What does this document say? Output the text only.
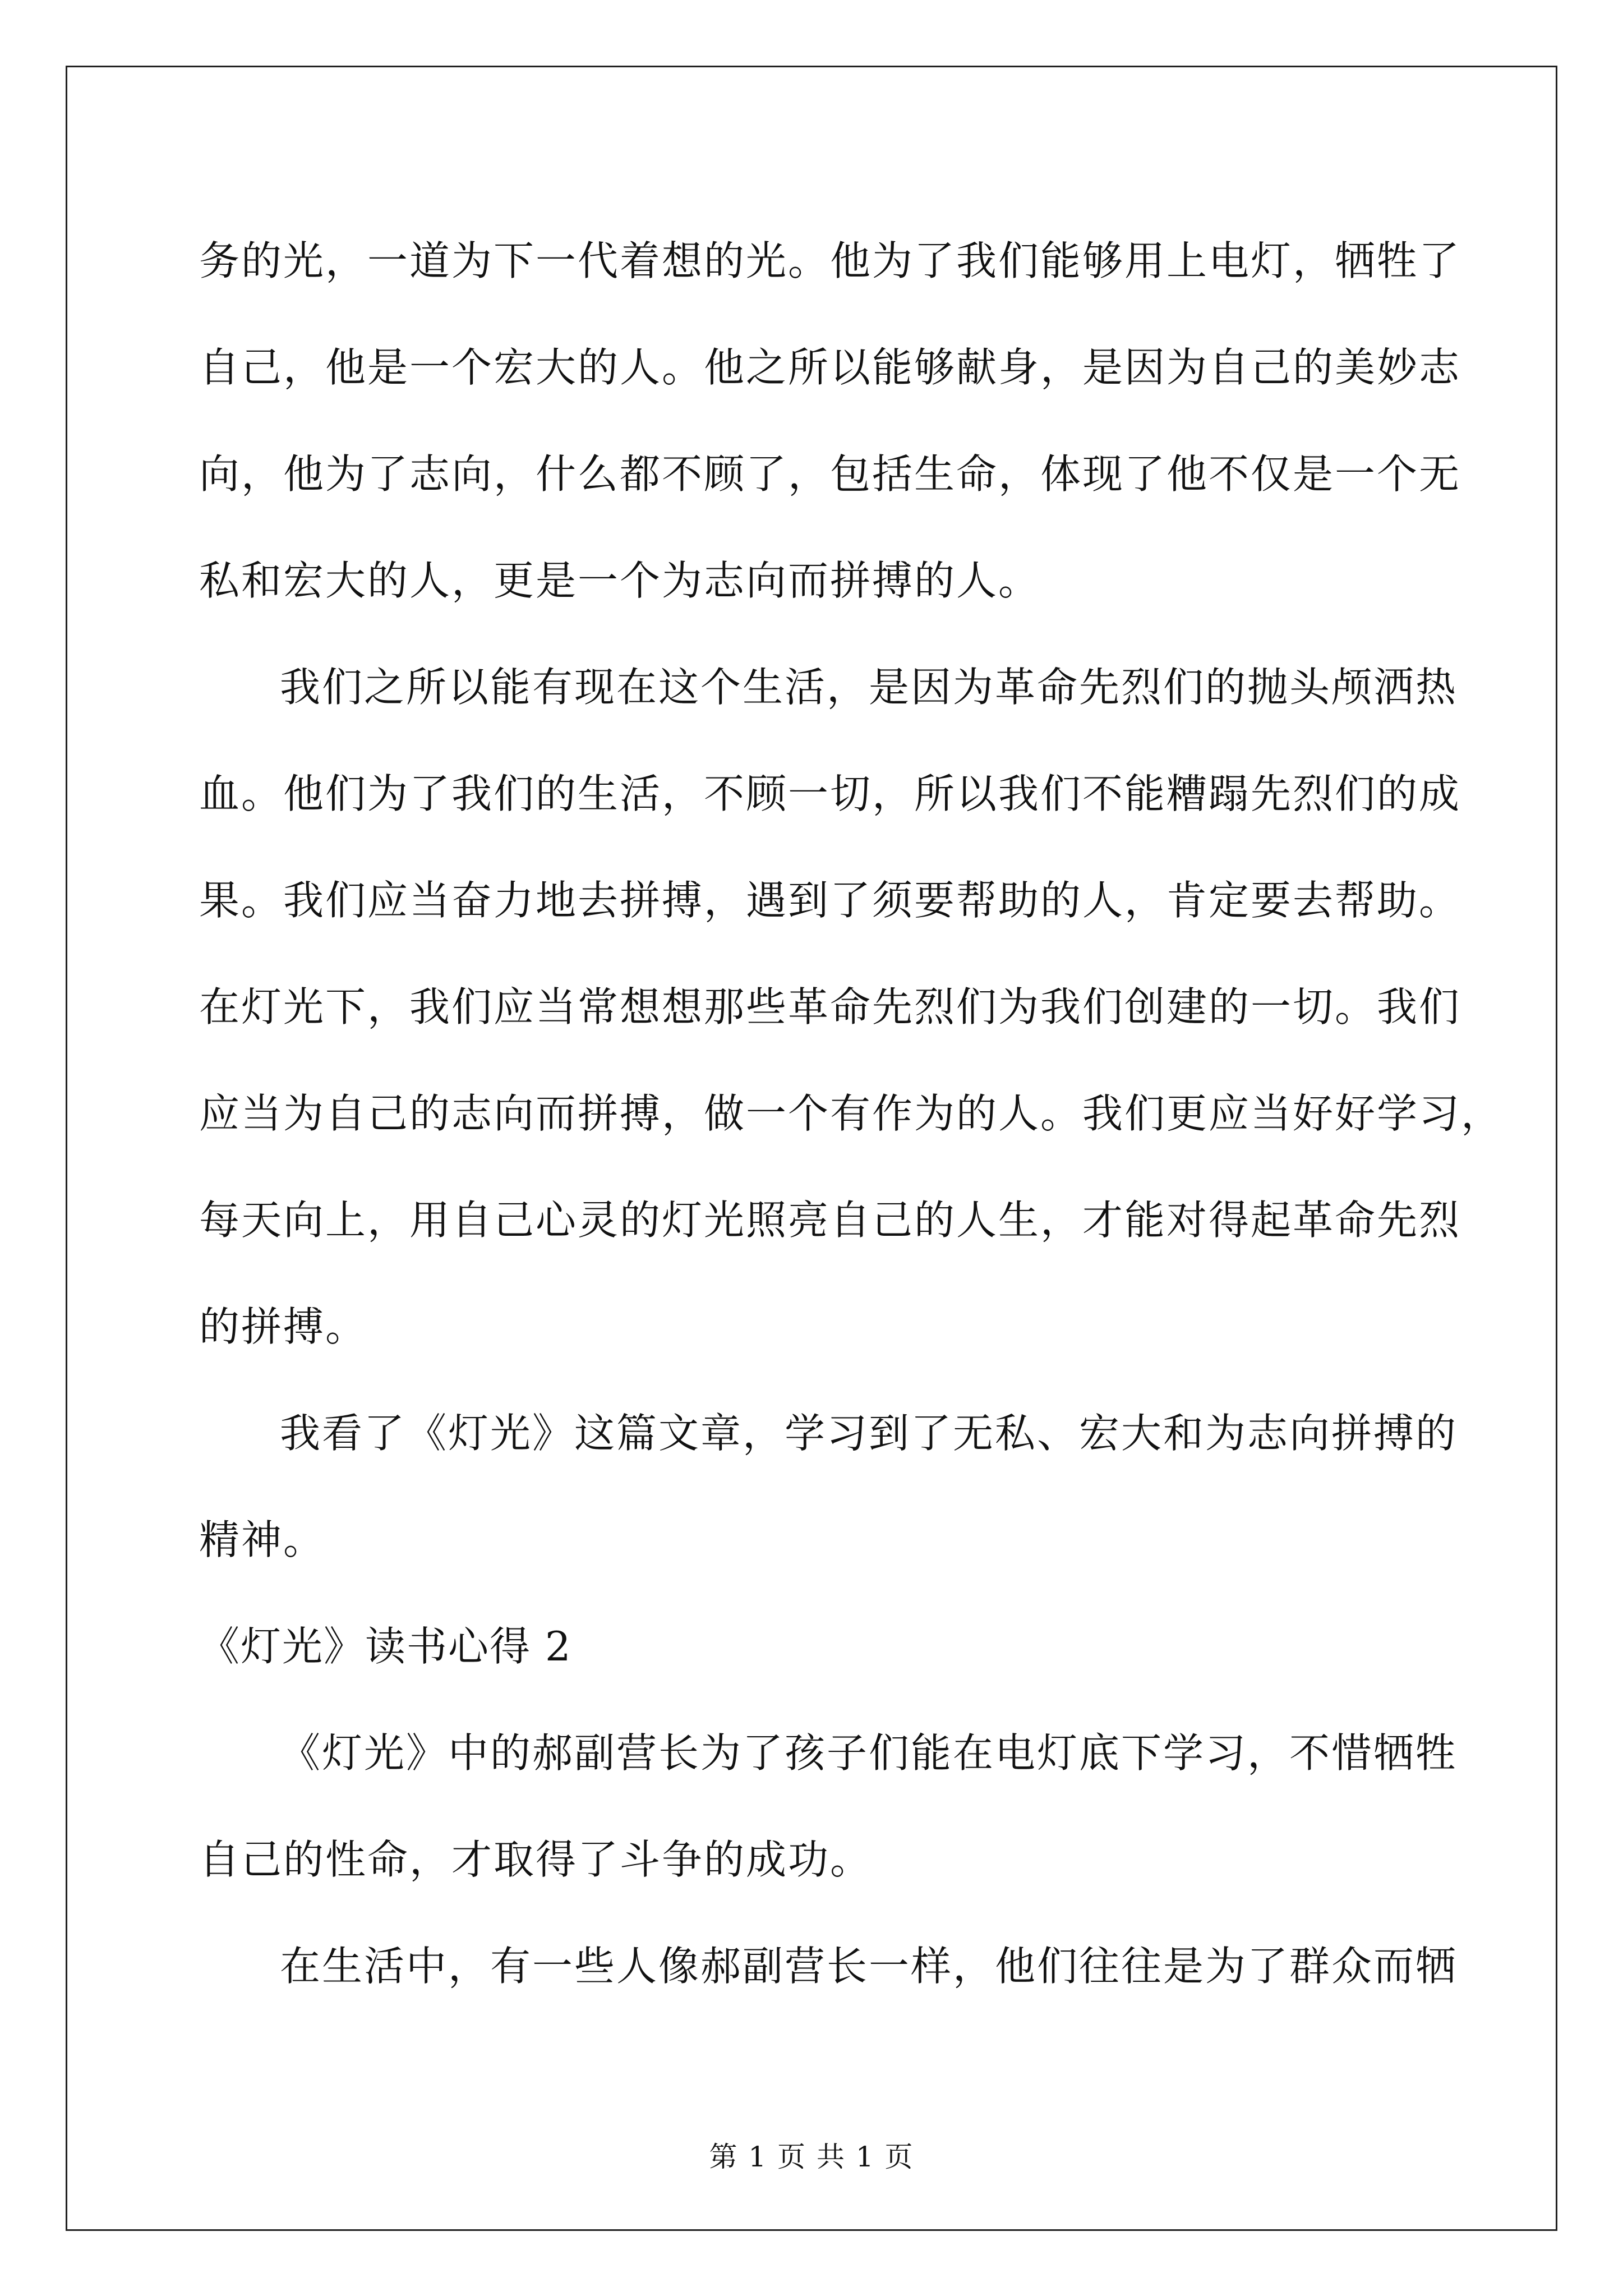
务的光，一道为下一代着想的光。他为了我们能够用上电灯，牺牲了
自己，他是一个宏大的人。他之所以能够献身，是因为自己的美妙志
向，他为了志向，什么都不顾了，包括生命，体现了他不仅是一个无
私和宏大的人，更是一个为志向而拼搏的人。
我们之所以能有现在这个生活，是因为革命先烈们的抛头颅洒热
血。他们为了我们的生活，不顾一切，所以我们不能糟蹋先烈们的成
果。我们应当奋力地去拼搏，遇到了须要帮助的人，肯定要去帮助。
在灯光下，我们应当常想想那些革命先烈们为我们创建的一切。我们
应当为自己的志向而拼搏，做一个有作为的人。我们更应当好好学习，
每天向上，用自己心灵的灯光照亮自己的人生，才能对得起革命先烈
的拼搏。
我看了《灯光》这篇文章，学习到了无私、宏大和为志向拼搏的
精神。
《灯光》读书心得 2
《灯光》中的郝副营长为了孩子们能在电灯底下学习，不惜牺牲
自己的性命，才取得了斗争的成功。
在生活中，有一些人像郝副营长一样，他们往往是为了群众而牺
第 1 页 共 1 页
